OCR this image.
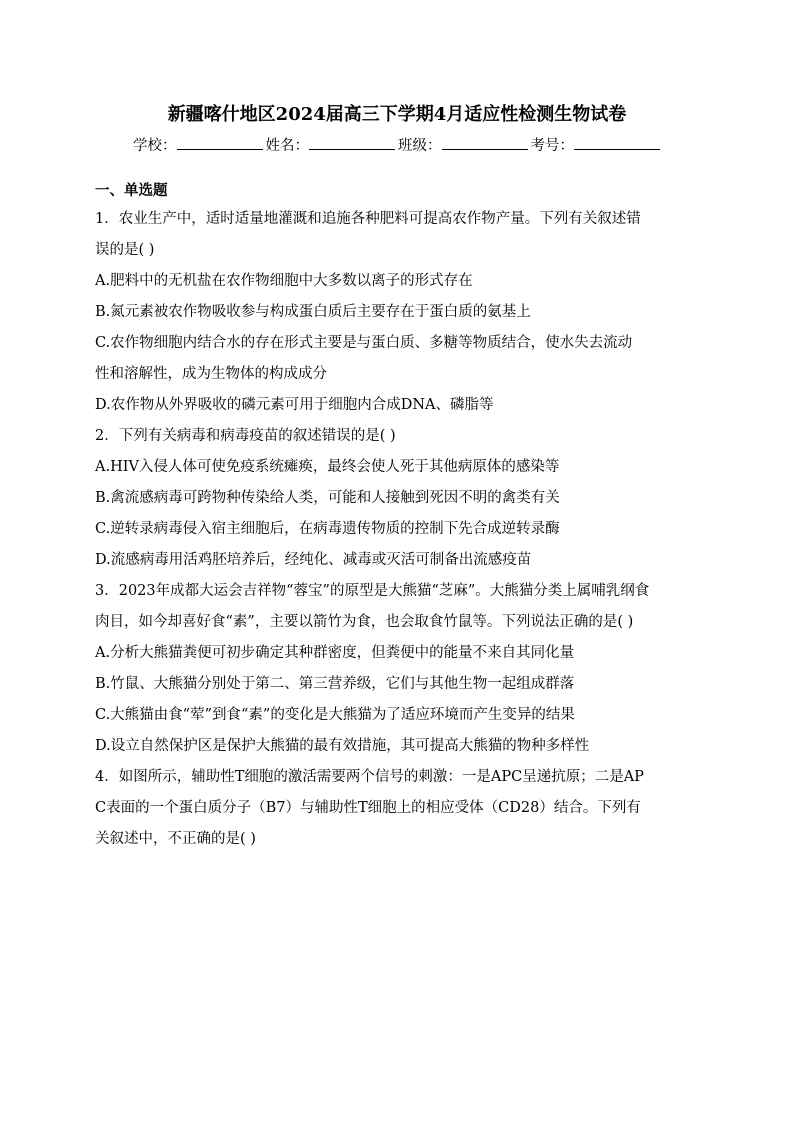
新疆喀什地区2024届高三下学期4月适应性检测生物试卷
学校：	姓名：	班级：	考号：
一、单选题
1．农业生产中，适时适量地灌溉和追施各种肥料可提高农作物产量。下列有关叙述错
误的是( )
A.肥料中的无机盐在农作物细胞中大多数以离子的形式存在
B.氮元素被农作物吸收参与构成蛋白质后主要存在于蛋白质的氨基上
C.农作物细胞内结合水的存在形式主要是与蛋白质、多糖等物质结合，使水失去流动
性和溶解性，成为生物体的构成成分
D.农作物从外界吸收的磷元素可用于细胞内合成DNA、磷脂等
2．下列有关病毒和病毒疫苗的叙述错误的是( )
A.HIV入侵人体可使免疫系统瘫痪，最终会使人死于其他病原体的感染等
B.禽流感病毒可跨物种传染给人类，可能和人接触到死因不明的禽类有关
C.逆转录病毒侵入宿主细胞后，在病毒遗传物质的控制下先合成逆转录酶
D.流感病毒用活鸡胚培养后，经纯化、减毒或灭活可制备出流感疫苗
3．2023年成都大运会吉祥物“蓉宝”的原型是大熊猫“芝麻”。大熊猫分类上属哺乳纲食
肉目，如今却喜好食“素”，主要以箭竹为食，也会取食竹鼠等。下列说法正确的是( )
A.分析大熊猫粪便可初步确定其种群密度，但粪便中的能量不来自其同化量
B.竹鼠、大熊猫分别处于第二、第三营养级，它们与其他生物一起组成群落
C.大熊猫由食“荤”到食“素”的变化是大熊猫为了适应环境而产生变异的结果
D.设立自然保护区是保护大熊猫的最有效措施，其可提高大熊猫的物种多样性
4．如图所示，辅助性T细胞的激活需要两个信号的刺激：一是APC呈递抗原；二是AP
C表面的一个蛋白质分子（B7）与辅助性T细胞上的相应受体（CD28）结合。下列有
关叙述中，不正确的是( )
